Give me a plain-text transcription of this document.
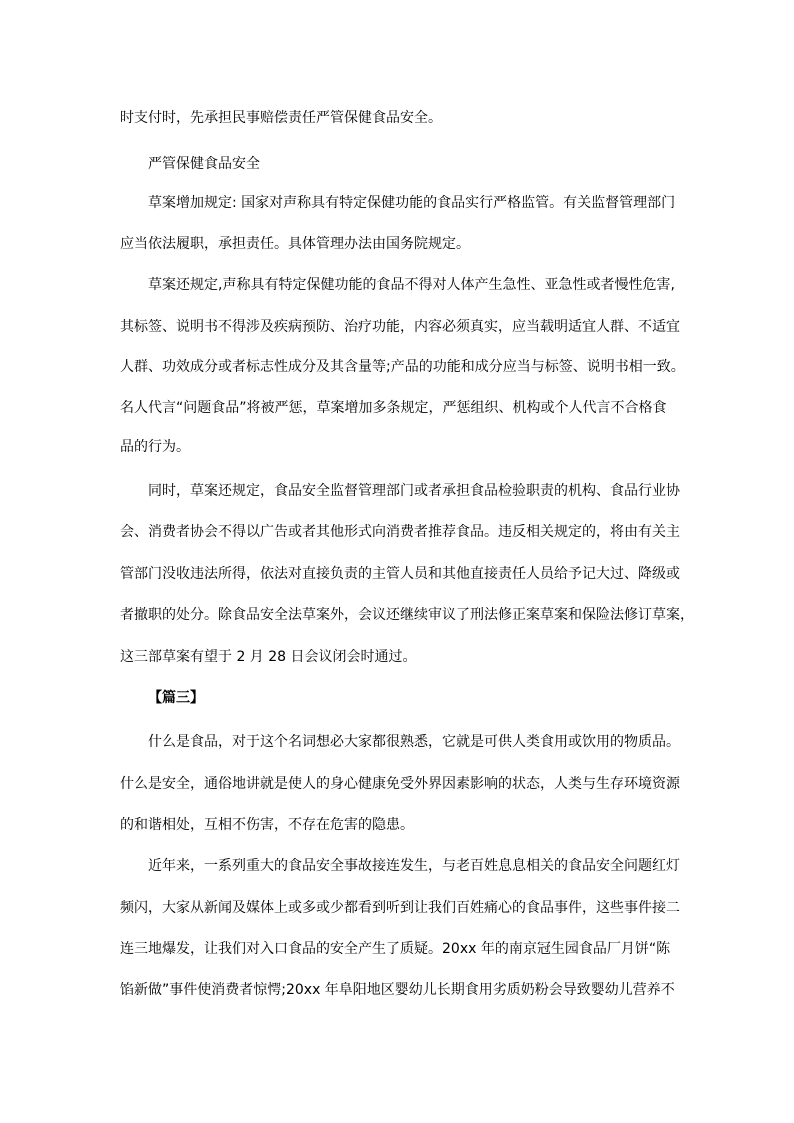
时支付时，先承担民事赔偿责任严管保健食品安全。
严管保健食品安全
草案增加规定: 国家对声称具有特定保健功能的食品实行严格监管。有关监督管理部门
应当依法履职，承担责任。具体管理办法由国务院规定。
草案还规定,声称具有特定保健功能的食品不得对人体产生急性、亚急性或者慢性危害,
其标签、说明书不得涉及疾病预防、治疗功能，内容必须真实，应当载明适宜人群、不适宜
人群、功效成分或者标志性成分及其含量等;产品的功能和成分应当与标签、说明书相一致。
名人代言“问题食品”将被严惩，草案增加多条规定，严惩组织、机构或个人代言不合格食
品的行为。
同时，草案还规定，食品安全监督管理部门或者承担食品检验职责的机构、食品行业协
会、消费者协会不得以广告或者其他形式向消费者推荐食品。违反相关规定的，将由有关主
管部门没收违法所得，依法对直接负责的主管人员和其他直接责任人员给予记大过、降级或
者撤职的处分。除食品安全法草案外，会议还继续审议了刑法修正案草案和保险法修订草案，
这三部草案有望于 2 月 28 日会议闭会时通过。
【篇三】
什么是食品，对于这个名词想必大家都很熟悉，它就是可供人类食用或饮用的物质品。
什么是安全，通俗地讲就是使人的身心健康免受外界因素影响的状态，人类与生存环境资源
的和谐相处，互相不伤害，不存在危害的隐患。
近年来，一系列重大的食品安全事故接连发生，与老百姓息息相关的食品安全问题红灯
频闪，大家从新闻及媒体上或多或少都看到听到让我们百姓痛心的食品事件，这些事件接二
连三地爆发，让我们对入口食品的安全产生了质疑。20xx 年的南京冠生园食品厂月饼“陈
馅新做”事件使消费者惊愕;20xx 年阜阳地区婴幼儿长期食用劣质奶粉会导致婴幼儿营养不
